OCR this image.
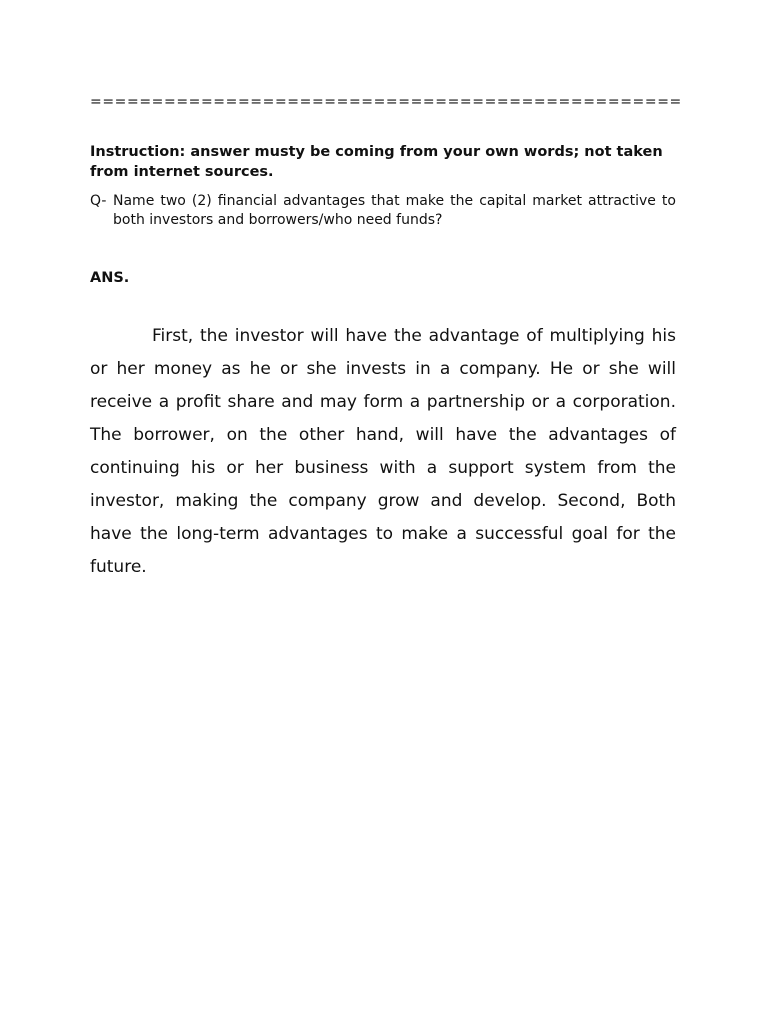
================================================
Instruction: answer musty be coming from your own words; not taken from internet sources.
Q- Name two (2) financial advantages that make the capital market attractive to both investors and borrowers/who need funds?
ANS.
First, the investor will have the advantage of multiplying his or her money as he or she invests in a company. He or she will receive a profit share and may form a partnership or a corporation. The borrower, on the other hand, will have the advantages of continuing his or her business with a support system from the investor, making the company grow and develop. Second, Both have the long-term advantages to make a successful goal for the future.
